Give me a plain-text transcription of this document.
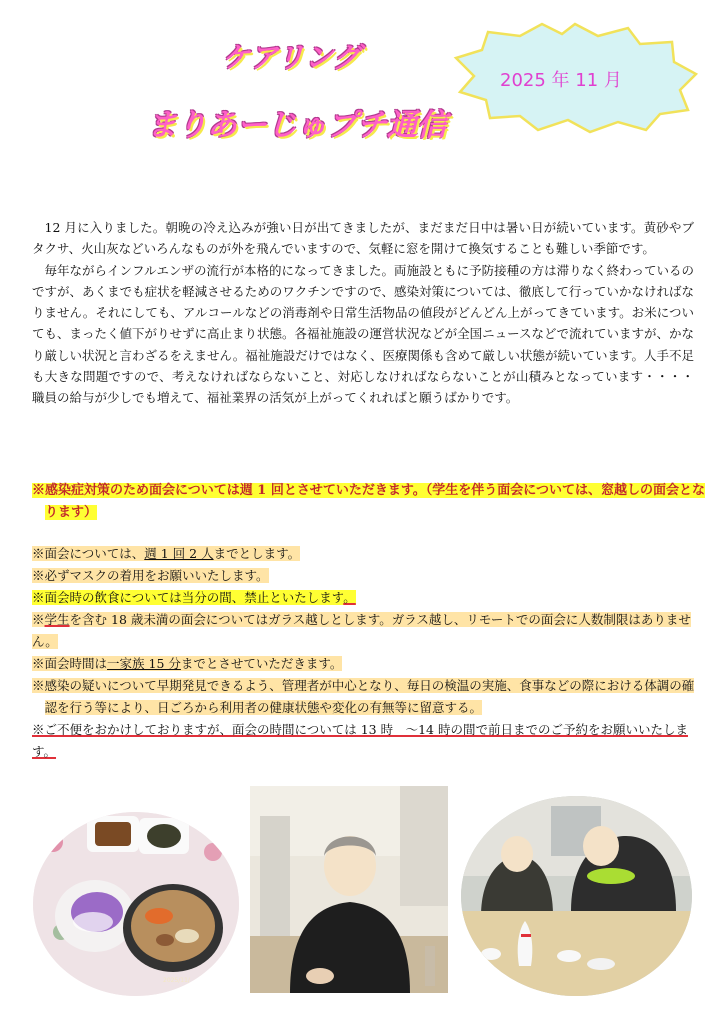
ケアリング
まりあーじゅプチ通信
2025 年 11 月

12 月に入りました。朝晩の冷え込みが強い日が出てきましたが、まだまだ日中は暑い日が続いています。黄砂やブタクサ、火山灰などいろんなものが外を飛んでいますので、気軽に窓を開けて換気することも難しい季節です。

毎年ながらインフルエンザの流行が本格的になってきました。両施設ともに予防接種の方は滞りなく終わっているのですが、あくまでも症状を軽減させるためのワクチンですので、感染対策については、徹底して行っていかなければなりません。それにしても、アルコールなどの消毒剤や日常生活物品の値段がどんどん上がってきています。お米についても、まったく値下がりせずに高止まり状態。各福祉施設の運営状況などが全国ニュースなどで流れていますが、かなり厳しい状況と言わざるをえません。福祉施設だけではなく、医療関係も含めて厳しい状態が続いています。人手不足も大きな問題ですので、考えなければならないこと、対応しなければならないことが山積みとなっています・・・・職員の給与が少しでも増えて、福祉業界の活気が上がってくれればと願うばかりです。

※感染症対策のため面会については週 1 回とさせていただきます。（学生を伴う面会については、窓越しの面会となります）
※面会については、週 1 回 2 人までとします。
※必ずマスクの着用をお願いいたします。
※面会時の飲食については当分の間、禁止といたします。
※学生を含む 18 歳未満の面会についてはガラス越しとします。ガラス越し、リモートでの面会に人数制限はありません。
※面会時間は一家族 15 分までとさせていただきます。
※感染の疑いについて早期発見できるよう、管理者が中心となり、毎日の検温の実施、食事などの際における体調の確認を行う等により、日ごろから利用者の健康状態や変化の有無等に留意する。
※ご不便をおかけしておりますが、面会の時間については 13 時　～14 時の間で前日までのご予約をお願いいたします。
2025/11/
